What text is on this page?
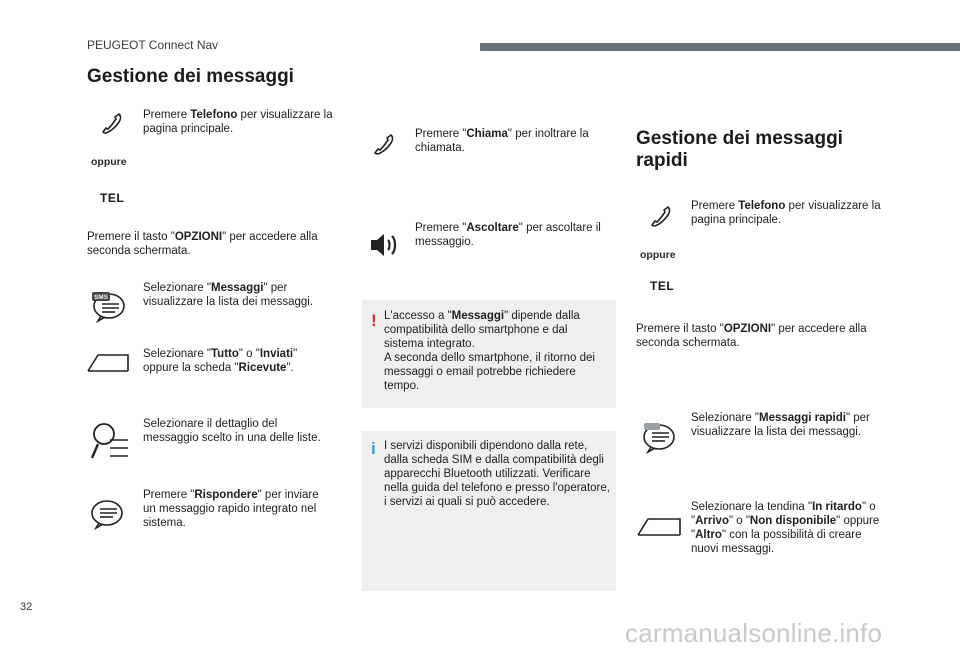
PEUGEOT Connect Nav
Gestione dei messaggi
Premere Telefono per visualizzare la pagina principale.
oppure
TEL
Premere il tasto "OPZIONI" per accedere alla seconda schermata.
SMS
Selezionare "Messaggi" per visualizzare la lista dei messaggi.
Selezionare "Tutto" o "Inviati" oppure la scheda "Ricevute".
Selezionare il dettaglio del messaggio scelto in una delle liste.
Premere "Rispondere" per inviare un messaggio rapido integrato nel sistema.
Premere "Chiama" per inoltrare la chiamata.
Premere "Ascoltare" per ascoltare il messaggio.
! L'accesso a "Messaggi" dipende dalla compatibilità dello smartphone e dal sistema integrato.
A seconda dello smartphone, il ritorno dei messaggi o email potrebbe richiedere tempo.
i I servizi disponibili dipendono dalla rete, dalla scheda SIM e dalla compatibilità degli apparecchi Bluetooth utilizzati. Verificare nella guida del telefono e presso l'operatore, i servizi ai quali si può accedere.
Gestione dei messaggi rapidi
Premere Telefono per visualizzare la pagina principale.
oppure
TEL
Premere il tasto "OPZIONI" per accedere alla seconda schermata.
Selezionare "Messaggi rapidi" per visualizzare la lista dei messaggi.
Selezionare la tendina "In ritardo" o "Arrivo" o "Non disponibile" oppure "Altro" con la possibilità di creare nuovi messaggi.
32
carmanualsonline.info
